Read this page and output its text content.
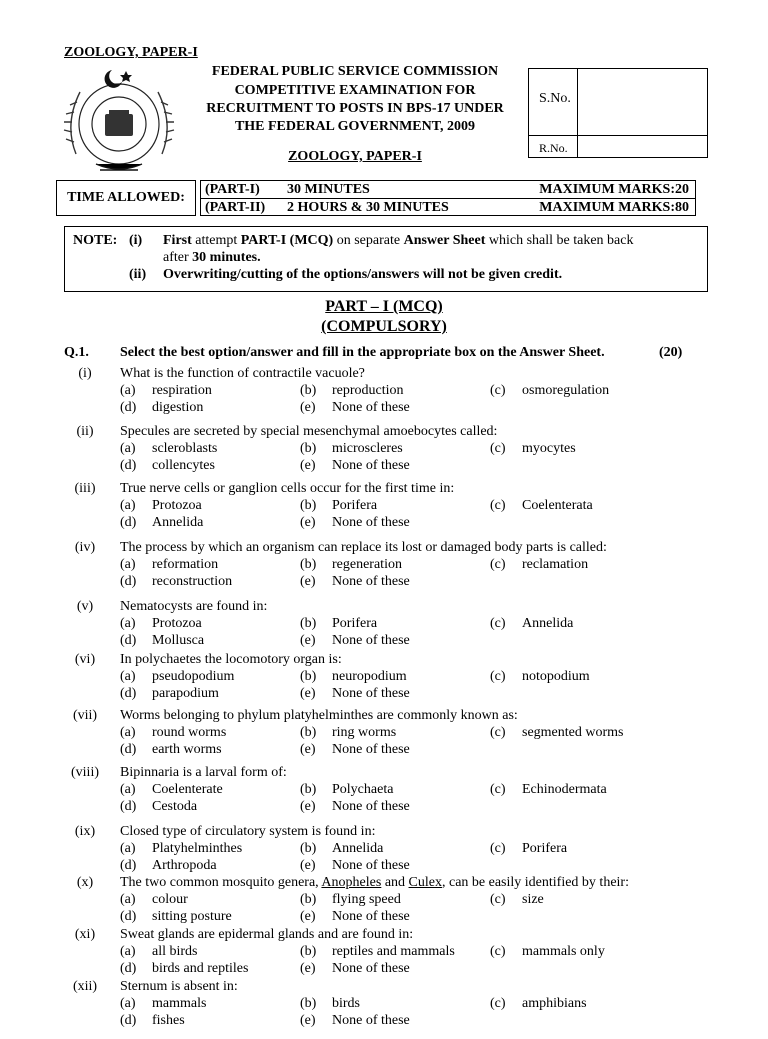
ZOOLOGY, PAPER-I
FEDERAL PUBLIC SERVICE COMMISSION
COMPETITIVE EXAMINATION FOR
RECRUITMENT TO POSTS IN BPS-17 UNDER
THE FEDERAL GOVERNMENT, 2009
ZOOLOGY, PAPER-I
S.No.
R.No.
TIME ALLOWED:
(PART-I) 30 MINUTES	MAXIMUM MARKS:20
(PART-II) 2 HOURS & 30 MINUTES	MAXIMUM MARKS:80
NOTE: (i) First attempt PART-I (MCQ) on separate Answer Sheet which shall be taken back
after 30 minutes.
(ii) Overwriting/cutting of the options/answers will not be given credit.
PART – I (MCQ)
(COMPULSORY)
Q.1. Select the best option/answer and fill in the appropriate box on the Answer Sheet.	(20)
(i)	What is the function of contractile vacuole?
(a) respiration	(b) reproduction	(c) osmoregulation
(d) digestion	(e) None of these
(ii)	Specules are secreted by special mesenchymal amoebocytes called:
(a) scleroblasts	(b) microscleres	(c) myocytes
(d) collencytes	(e) None of these
(iii)	True nerve cells or ganglion cells occur for the first time in:
(a) Protozoa	(b) Porifera	(c) Coelenterata
(d) Annelida	(e) None of these
(iv)	The process by which an organism can replace its lost or damaged body parts is called:
(a) reformation	(b) regeneration	(c) reclamation
(d) reconstruction	(e) None of these
(v)	Nematocysts are found in:
(a) Protozoa	(b) Porifera	(c) Annelida
(d) Mollusca	(e) None of these
(vi)	In polychaetes the locomotory organ is:
(a) pseudopodium	(b) neuropodium	(c) notopodium
(d) parapodium	(e) None of these
(vii)	Worms belonging to phylum platyhelminthes are commonly known as:
(a) round worms	(b) ring worms	(c) segmented worms
(d) earth worms	(e) None of these
(viii)	Bipinnaria is a larval form of:
(a) Coelenterate	(b) Polychaeta	(c) Echinodermata
(d) Cestoda	(e) None of these
(ix)	Closed type of circulatory system is found in:
(a) Platyhelminthes	(b) Annelida	(c) Porifera
(d) Arthropoda	(e) None of these
(x)	The two common mosquito genera, Anopheles and Culex, can be easily identified by their:
(a) colour	(b) flying speed	(c) size
(d) sitting posture	(e) None of these
(xi)	Sweat glands are epidermal glands and are found in:
(a) all birds	(b) reptiles and mammals	(c) mammals only
(d) birds and reptiles	(e) None of these
(xii)	Sternum is absent in:
(a) mammals	(b) birds	(c) amphibians
(d) fishes	(e) None of these
